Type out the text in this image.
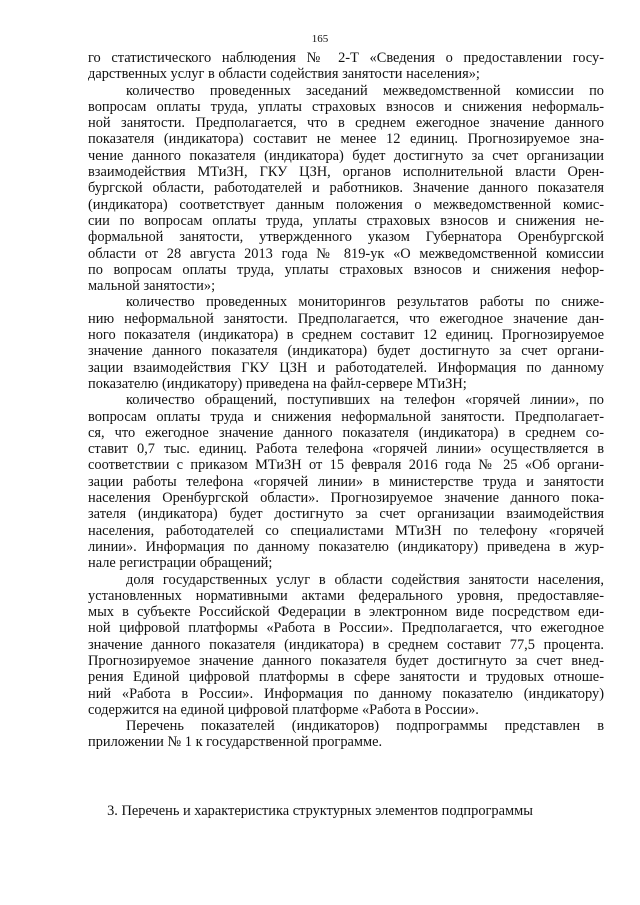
165
го статистического наблюдения № 2-Т «Сведения о предоставлении госу-
дарственных услуг в области содействия занятости населения»;
количество проведенных заседаний межведомственной комиссии по
вопросам оплаты труда, уплаты страховых взносов и снижения неформаль-
ной занятости. Предполагается, что в среднем ежегодное значение данного
показателя (индикатора) составит не менее 12 единиц. Прогнозируемое зна-
чение данного показателя (индикатора) будет достигнуто за счет организации
взаимодействия МТиЗН, ГКУ ЦЗН, органов исполнительной власти Орен-
бургской области, работодателей и работников. Значение данного показателя
(индикатора) соответствует данным положения о межведомственной комис-
сии по вопросам оплаты труда, уплаты страховых взносов и снижения не-
формальной занятости, утвержденного указом Губернатора Оренбургской
области от 28 августа 2013 года № 819-ук «О межведомственной комиссии
по вопросам оплаты труда, уплаты страховых взносов и снижения нефор-
мальной занятости»;
количество проведенных мониторингов результатов работы по сниже-
нию неформальной занятости. Предполагается, что ежегодное значение дан-
ного показателя (индикатора) в среднем составит 12 единиц. Прогнозируемое
значение данного показателя (индикатора) будет достигнуто за счет органи-
зации взаимодействия ГКУ ЦЗН и работодателей. Информация по данному
показателю (индикатору) приведена на файл-сервере МТиЗН;
количество обращений, поступивших на телефон «горячей линии», по
вопросам оплаты труда и снижения неформальной занятости. Предполагает-
ся, что ежегодное значение данного показателя (индикатора) в среднем со-
ставит 0,7 тыс. единиц. Работа телефона «горячей линии» осуществляется в
соответствии с приказом МТиЗН от 15 февраля 2016 года № 25 «Об органи-
зации работы телефона «горячей линии» в министерстве труда и занятости
населения Оренбургской области». Прогнозируемое значение данного пока-
зателя (индикатора) будет достигнуто за счет организации взаимодействия
населения, работодателей со специалистами МТиЗН по телефону «горячей
линии». Информация по данному показателю (индикатору) приведена в жур-
нале регистрации обращений;
доля государственных услуг в области содействия занятости населения,
установленных нормативными актами федерального уровня, предоставляе-
мых в субъекте Российской Федерации в электронном виде посредством еди-
ной цифровой платформы «Работа в России». Предполагается, что ежегодное
значение данного показателя (индикатора) в среднем составит 77,5 процента.
Прогнозируемое значение данного показателя будет достигнуто за счет внед-
рения Единой цифровой платформы в сфере занятости и трудовых отноше-
ний «Работа в России». Информация по данному показателю (индикатору)
содержится на единой цифровой платформе «Работа в России».
Перечень показателей (индикаторов) подпрограммы представлен в
приложении № 1 к государственной программе.
3. Перечень и характеристика структурных элементов подпрограммы
